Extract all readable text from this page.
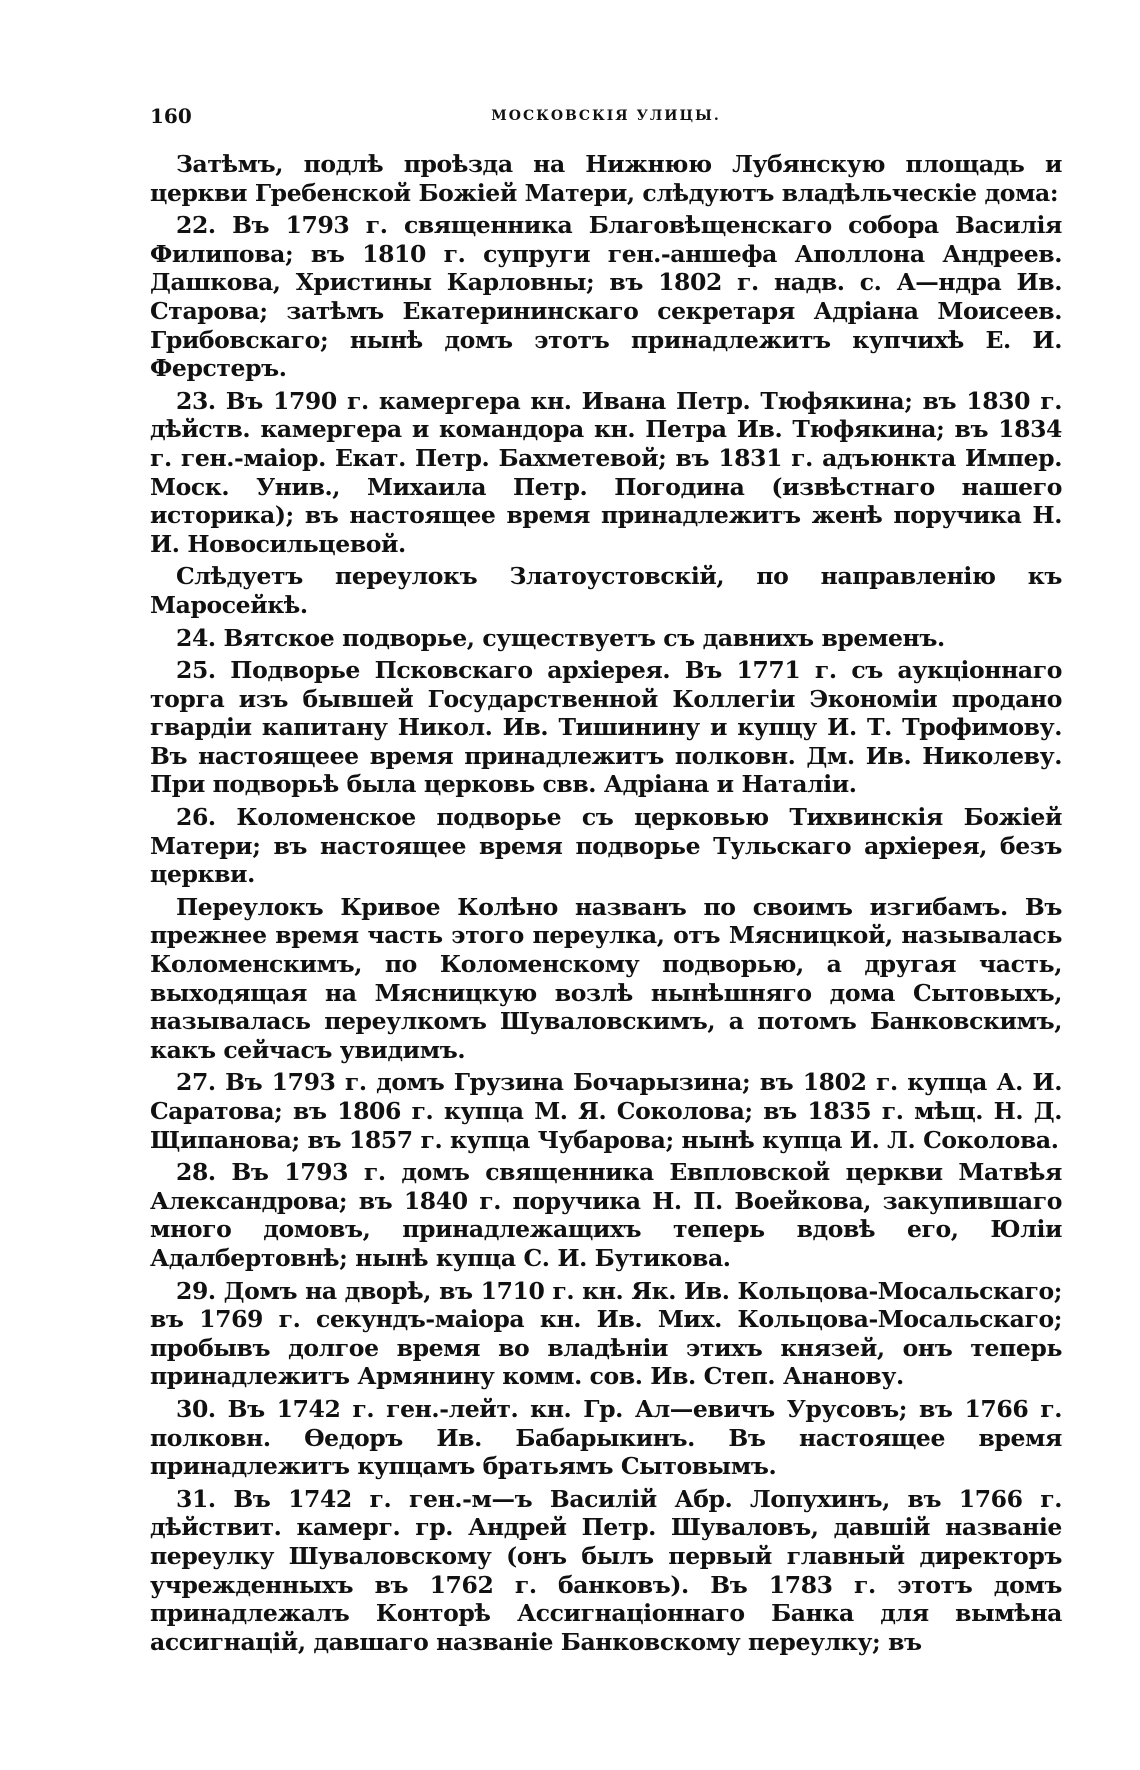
160	МОСКОВСКІЯ УЛИЦЫ.

Затѣмъ, подлѣ проѣзда на Нижнюю Лубянскую площадь и церкви Гребенской Божіей Матери, слѣдуютъ владѣльческіе дома:

22. Въ 1793 г. священника Благовѣщенскаго собора Василія Филипова; въ 1810 г. супруги ген.-аншефа Аполлона Андреев. Дашкова, Христины Карловны; въ 1802 г. надв. с. А—ндра Ив. Старова; затѣмъ Екатерининскаго секретаря Адріана Моисеев. Грибовскаго; нынѣ домъ этотъ принадлежитъ купчихѣ Е. И. Ферстеръ.

23. Въ 1790 г. камергера кн. Ивана Петр. Тюфякина; въ 1830 г. дѣйств. камергера и командора кн. Петра Ив. Тюфякина; въ 1834 г. ген.-маіор. Екат. Петр. Бахметевой; въ 1831 г. адъюнкта Импер. Моск. Унив., Михаила Петр. Погодина (извѣстнаго нашего историка); въ настоящее время принадлежитъ женѣ поручика Н. И. Новосильцевой.

Слѣдуетъ переулокъ Златоустовскій, по направленію къ Маросейкѣ.

24. Вятское подворье, существуетъ съ давнихъ временъ.

25. Подворье Псковскаго архіерея. Въ 1771 г. съ аукціоннаго торга изъ бывшей Государственной Коллегіи Экономіи продано гвардіи капитану Никол. Ив. Тишинину и купцу И. Т. Трофимову. Въ настоящеее время принадлежитъ полковн. Дм. Ив. Николеву. При подворьѣ была церковь свв. Адріана и Наталіи.

26. Коломенское подворье съ церковью Тихвинскія Божіей Матери; въ настоящее время подворье Тульскаго архіерея, безъ церкви.

Переулокъ Кривое Колѣно названъ по своимъ изгибамъ. Въ прежнее время часть этого переулка, отъ Мясницкой, называлась Коломенскимъ, по Коломенскому подворью, а другая часть, выходящая на Мясницкую возлѣ нынѣшняго дома Сытовыхъ, называлась переулкомъ Шуваловскимъ, а потомъ Банковскимъ, какъ сейчасъ увидимъ.

27. Въ 1793 г. домъ Грузина Бочарызина; въ 1802 г. купца А. И. Саратова; въ 1806 г. купца М. Я. Соколова; въ 1835 г. мѣщ. Н. Д. Щипанова; въ 1857 г. купца Чубарова; нынѣ купца И. Л. Соколова.

28. Въ 1793 г. домъ священника Евпловской церкви Матвѣя Александрова; въ 1840 г. поручика Н. П. Воейкова, закупившаго много домовъ, принадлежащихъ теперь вдовѣ его, Юліи Адалбертовнѣ; нынѣ купца С. И. Бутикова.

29. Домъ на дворѣ, въ 1710 г. кн. Як. Ив. Кольцова-Мосальскаго; въ 1769 г. секундъ-маіора кн. Ив. Мих. Кольцова-Мосальскаго; пробывъ долгое время во владѣніи этихъ князей, онъ теперь принадлежитъ Армянину комм. сов. Ив. Степ. Ананову.

30. Въ 1742 г. ген.-лейт. кн. Гр. Ал—евичъ Урусовъ; въ 1766 г. полковн. Ѳедоръ Ив. Бабарыкинъ. Въ настоящее время принадлежитъ купцамъ братьямъ Сытовымъ.

31. Въ 1742 г. ген.-м—ъ Василій Абр. Лопухинъ, въ 1766 г. дѣйствит. камерг. гр. Андрей Петр. Шуваловъ, давшій названіе переулку Шуваловскому (онъ былъ первый главный директоръ учрежденныхъ въ 1762 г. банковъ). Въ 1783 г. этотъ домъ принадлежалъ Конторѣ Ассигнаціоннаго Банка для вымѣна ассигнацій, давшаго названіе Банковскому переулку; въ
